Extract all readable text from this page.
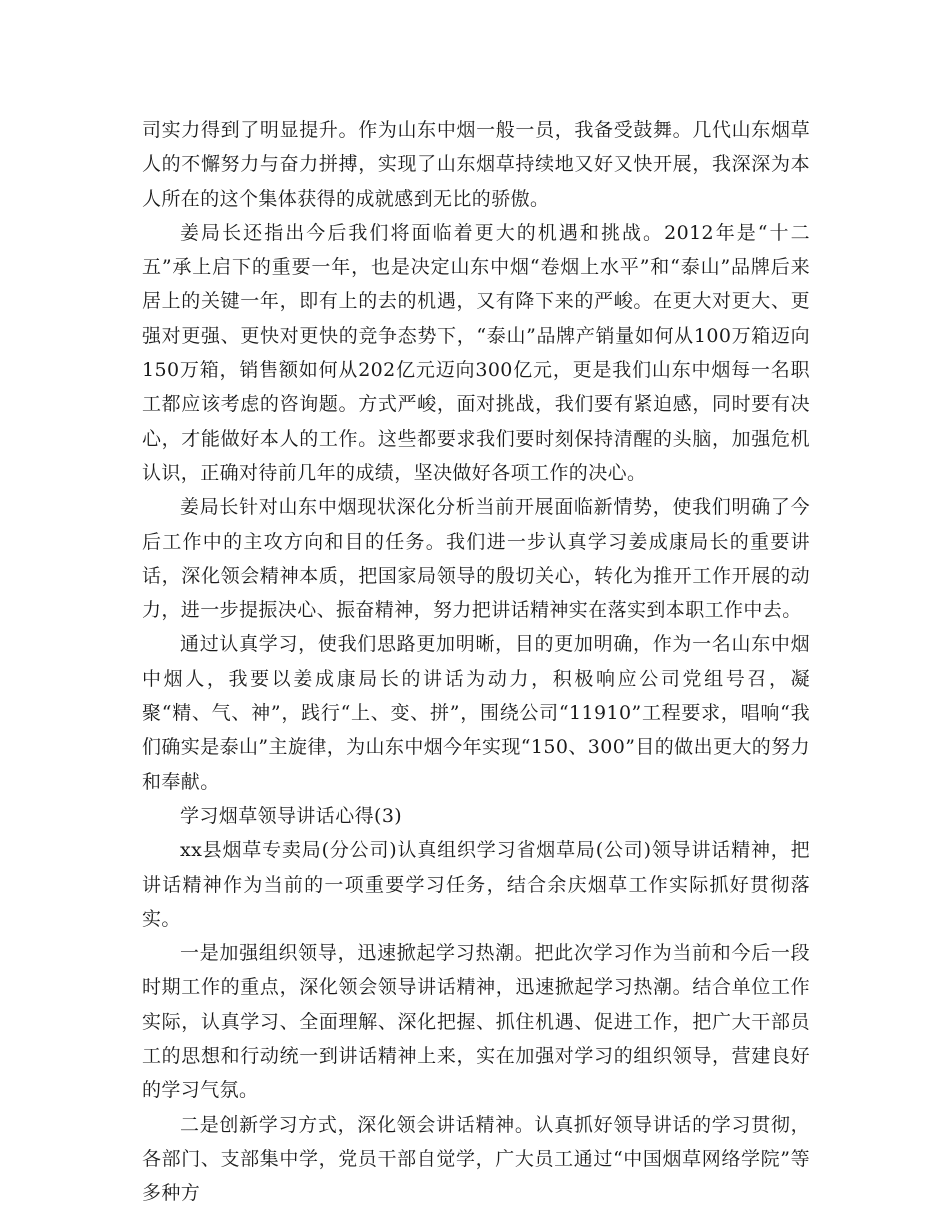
司实力得到了明显提升。作为山东中烟一般一员，我备受鼓舞。几代山东烟草人的不懈努力与奋力拼搏，实现了山东烟草持续地又好又快开展，我深深为本人所在的这个集体获得的成就感到无比的骄傲。

姜局长还指出今后我们将面临着更大的机遇和挑战。2012年是“十二五”承上启下的重要一年，也是决定山东中烟“卷烟上水平”和“泰山”品牌后来居上的关键一年，即有上的去的机遇，又有降下来的严峻。在更大对更大、更强对更强、更快对更快的竞争态势下，“泰山”品牌产销量如何从100万箱迈向150万箱，销售额如何从202亿元迈向300亿元，更是我们山东中烟每一名职工都应该考虑的咨询题。方式严峻，面对挑战，我们要有紧迫感，同时要有决心，才能做好本人的工作。这些都要求我们要时刻保持清醒的头脑，加强危机认识，正确对待前几年的成绩，坚决做好各项工作的决心。

姜局长针对山东中烟现状深化分析当前开展面临新情势，使我们明确了今后工作中的主攻方向和目的任务。我们进一步认真学习姜成康局长的重要讲话，深化领会精神本质，把国家局领导的殷切关心，转化为推开工作开展的动力，进一步提振决心、振奋精神，努力把讲话精神实在落实到本职工作中去。

通过认真学习，使我们思路更加明晰，目的更加明确，作为一名山东中烟中烟人，我要以姜成康局长的讲话为动力，积极响应公司党组号召，凝聚“精、气、神”，践行“上、变、拼”，围绕公司“11910”工程要求，唱响“我们确实是泰山”主旋律，为山东中烟今年实现“150、300”目的做出更大的努力和奉献。

学习烟草领导讲话心得(3)

xx县烟草专卖局(分公司)认真组织学习省烟草局(公司)领导讲话精神，把讲话精神作为当前的一项重要学习任务，结合余庆烟草工作实际抓好贯彻落实。

一是加强组织领导，迅速掀起学习热潮。把此次学习作为当前和今后一段时期工作的重点，深化领会领导讲话精神，迅速掀起学习热潮。结合单位工作实际，认真学习、全面理解、深化把握、抓住机遇、促进工作，把广大干部员工的思想和行动统一到讲话精神上来，实在加强对学习的组织领导，营建良好的学习气氛。

二是创新学习方式，深化领会讲话精神。认真抓好领导讲话的学习贯彻，各部门、支部集中学，党员干部自觉学，广大员工通过“中国烟草网络学院”等多种方
